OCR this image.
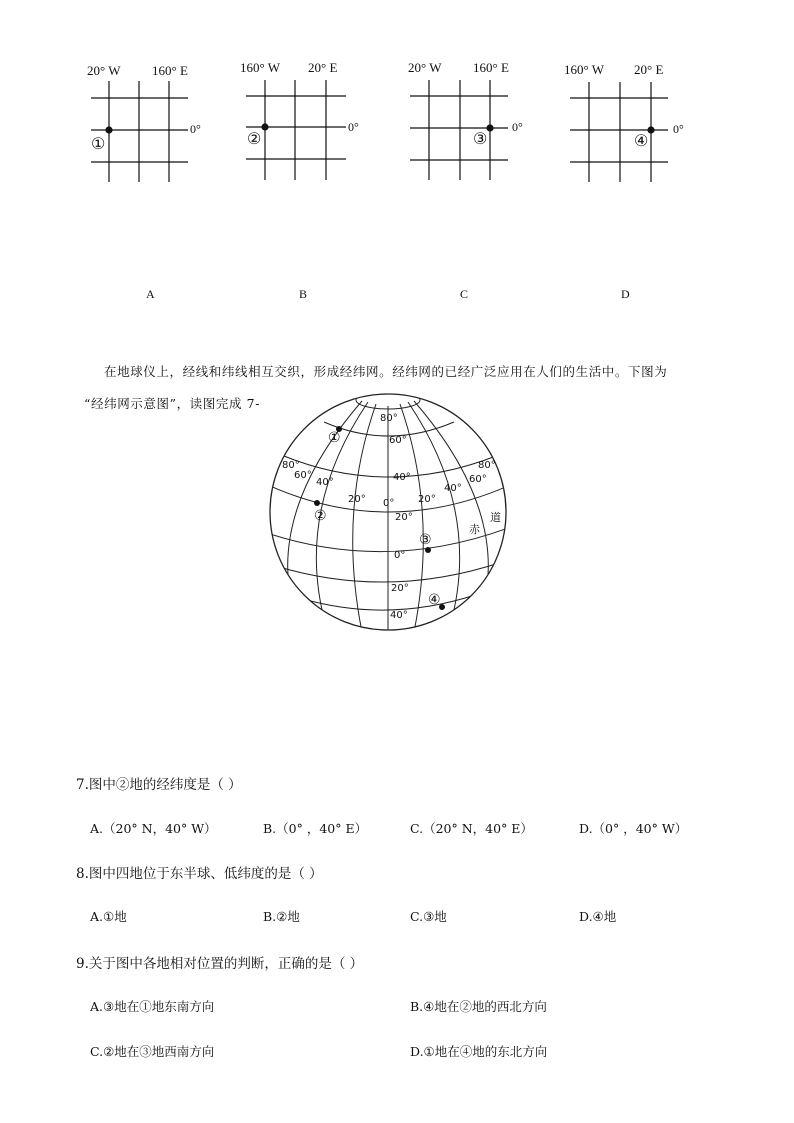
20° W 160° E
0°
①
160° W 20° E
0°
②
20° W 160° E
0°
③
160° W 20° E
0°
④
A	B	C	D
在地球仪上，经线和纬线相互交织，形成经纬网。经纬网的已经广泛应用在人们的生活中。下图为
“经纬网示意图”，读图完成 7-
80°
60°
40°
20°
0°
20°
40°
80°
60°
80°
60°
40°
20° 0° 20°
40°
赤
道
①
②
③
④
7.图中②地的经纬度是（ ）
A.（20° N，40° W）	B.（0° ，40° E）	C.（20° N，40° E）	D.（0° ，40° W）
8.图中四地位于东半球、低纬度的是（ ）
A.①地	B.②地	C.③地	D.④地
9.关于图中各地相对位置的判断，正确的是（ ）
A.③地在①地东南方向	B.④地在②地的西北方向
C.②地在③地西南方向	D.①地在④地的东北方向
